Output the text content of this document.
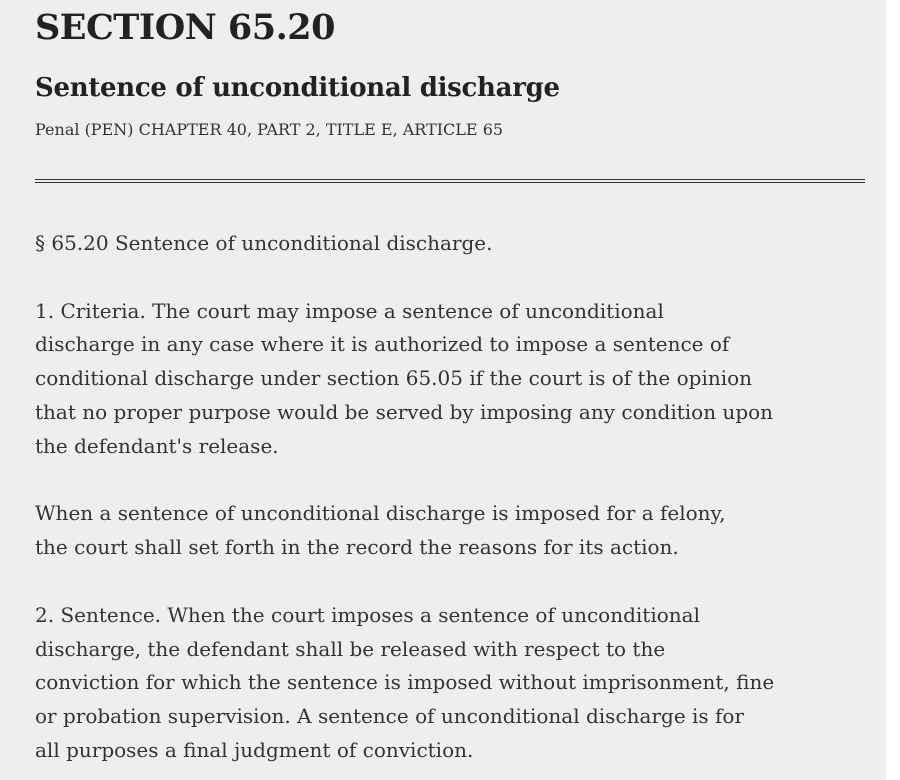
SECTION 65.20
Sentence of unconditional discharge
Penal (PEN) CHAPTER 40, PART 2, TITLE E, ARTICLE 65

§ 65.20 Sentence of unconditional discharge.

1. Criteria. The court may impose a sentence of unconditional
discharge in any case where it is authorized to impose a sentence of
conditional discharge under section 65.05 if the court is of the opinion
that no proper purpose would be served by imposing any condition upon
the defendant's release.

When a sentence of unconditional discharge is imposed for a felony,
the court shall set forth in the record the reasons for its action.

2. Sentence. When the court imposes a sentence of unconditional
discharge, the defendant shall be released with respect to the
conviction for which the sentence is imposed without imprisonment, fine
or probation supervision. A sentence of unconditional discharge is for
all purposes a final judgment of conviction.
